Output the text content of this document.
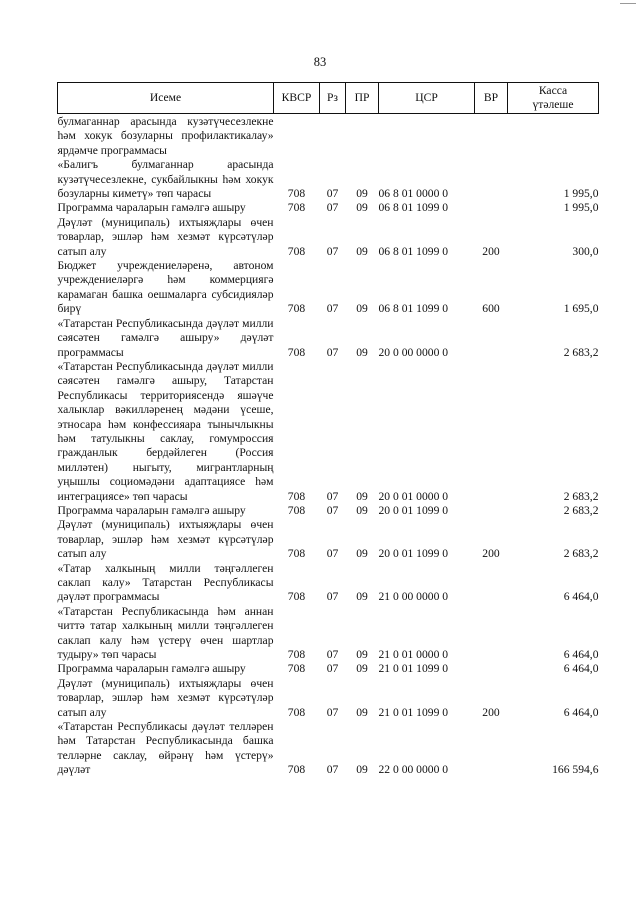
83
Исеме	КВСР	Рз	ПР	ЦСР	ВР	Касса
үтәлеше

булмаганнар арасында кузәтүчесезлекне һәм хокук бозуларны профилактикалау» ярдәмче программасы						
«Балигъ булмаганнар арасында кузәтүчесезлекне, сукбайлыкны һәм хокук бозуларны киметү» төп чарасы	708	07	09	06 8 01 0000 0		1 995,0
Программа чараларын гамәлгә ашыру	708	07	09	06 8 01 1099 0		1 995,0
Дәүләт (муниципаль) ихтыяҗлары өчен товарлар, эшләр һәм хезмәт күрсәтүләр сатып алу	708	07	09	06 8 01 1099 0	200	300,0
Бюджет учреждениеләренә, автоном учреждениеләргә һәм коммерциягә карамаган башка оешмаларга субсидияләр бирү	708	07	09	06 8 01 1099 0	600	1 695,0
«Татарстан Республикасында дәүләт милли сәясәтен гамәлгә ашыру» дәүләт программасы	708	07	09	20 0 00 0000 0		2 683,2
«Татарстан Республикасында дәүләт милли сәясәтен гамәлгә ашыру, Татарстан Республикасы территориясендә яшәүче халыклар вәкилләренең мәдәни үсеше, этносара һәм конфессияара тынычлыкны һәм татулыкны саклау, гомумроссия гражданлык бердәйлеген (Россия милләтен) ныгыту, мигрантларның уңышлы социомәдәни адаптациясе һәм интеграциясе» төп чарасы	708	07	09	20 0 01 0000 0		2 683,2
Программа чараларын гамәлгә ашыру	708	07	09	20 0 01 1099 0		2 683,2
Дәүләт (муниципаль) ихтыяҗлары өчен товарлар, эшләр һәм хезмәт күрсәтүләр сатып алу	708	07	09	20 0 01 1099 0	200	2 683,2
«Татар халкының милли тәңгәллеген саклап калу» Татарстан Республикасы дәүләт программасы	708	07	09	21 0 00 0000 0		6 464,0
«Татарстан Республикасында һәм аннан читтә татар халкының милли тәңгәллеген саклап калу һәм үстерү өчен шартлар тудыру» төп чарасы	708	07	09	21 0 01 0000 0		6 464,0
Программа чараларын гамәлгә ашыру	708	07	09	21 0 01 1099 0		6 464,0
Дәүләт (муниципаль) ихтыяҗлары өчен товарлар, эшләр һәм хезмәт күрсәтүләр сатып алу	708	07	09	21 0 01 1099 0	200	6 464,0
«Татарстан Республикасы дәүләт телләрен һәм Татарстан Республикасында башка телләрне саклау, өйрәнү һәм үстерү» дәүләт	708	07	09	22 0 00 0000 0		166 594,6
